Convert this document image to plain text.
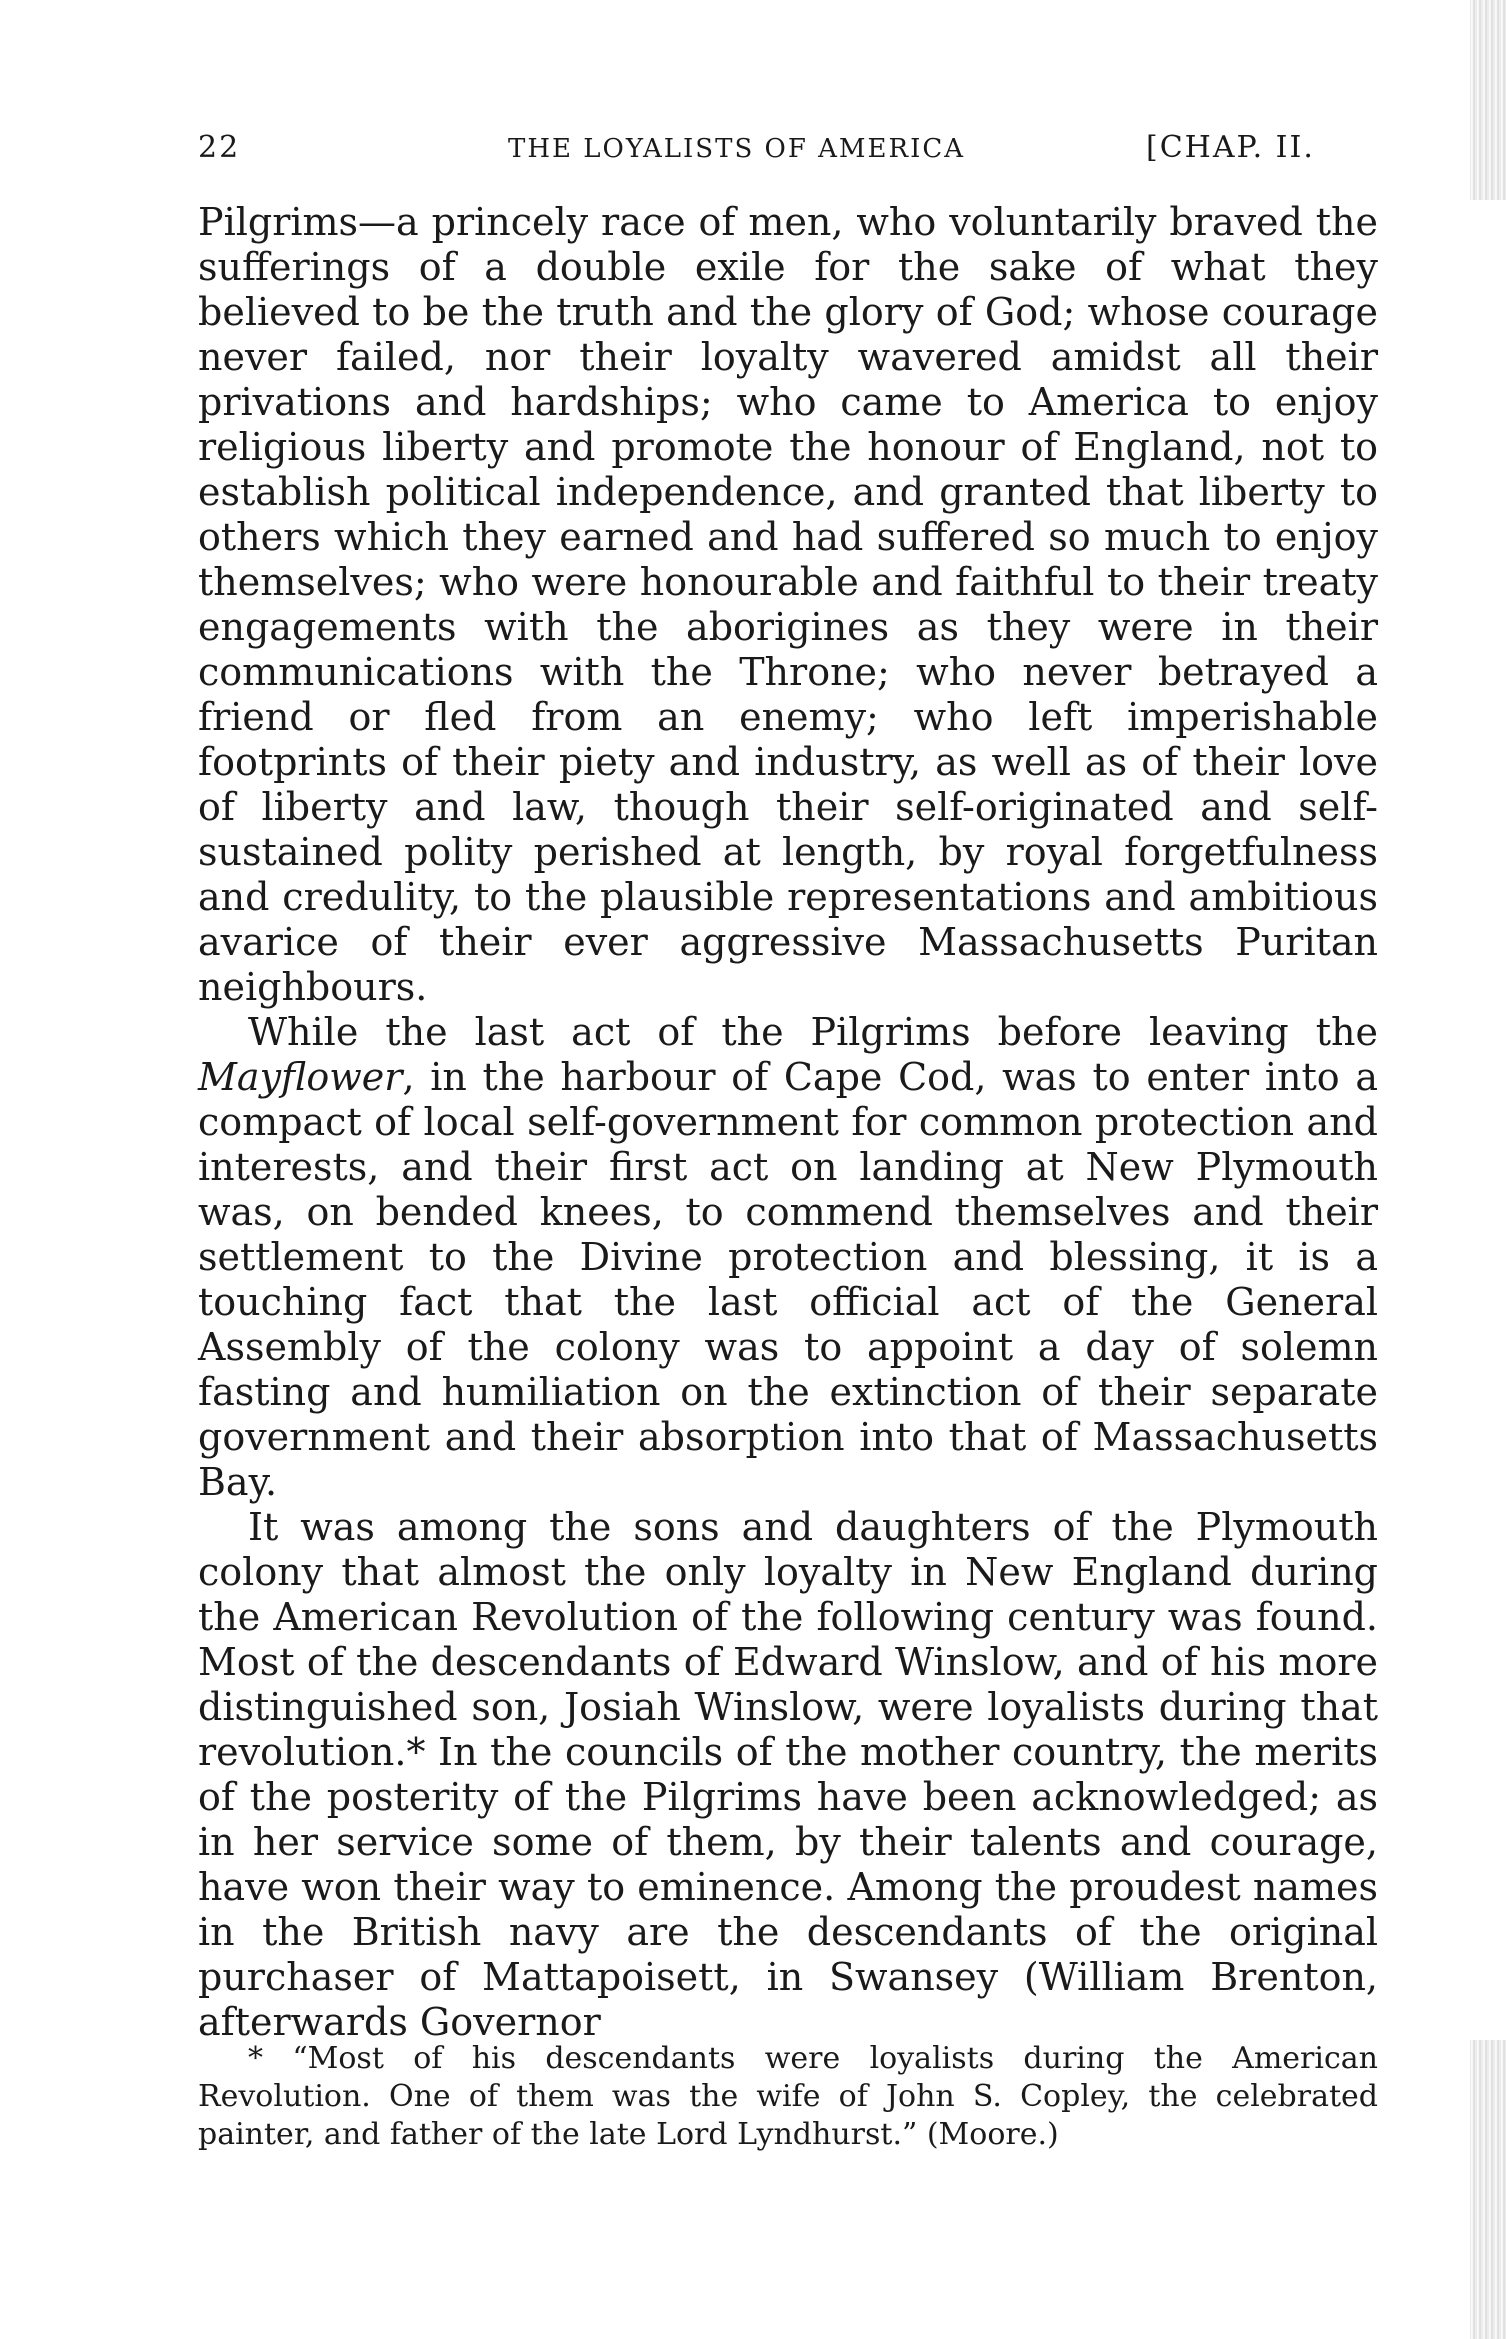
22	THE LOYALISTS OF AMERICA	[CHAP. II.

Pilgrims—a princely race of men, who voluntarily braved the sufferings of a double exile for the sake of what they believed to be the truth and the glory of God; whose courage never failed, nor their loyalty wavered amidst all their privations and hardships; who came to America to enjoy religious liberty and promote the honour of England, not to establish political independence, and granted that liberty to others which they earned and had suffered so much to enjoy themselves; who were honourable and faithful to their treaty engagements with the aborigines as they were in their communications with the Throne; who never betrayed a friend or fled from an enemy; who left imperishable footprints of their piety and industry, as well as of their love of liberty and law, though their self-originated and self-sustained polity perished at length, by royal forgetfulness and credulity, to the plausible representations and ambitious avarice of their ever aggressive Massachusetts Puritan neighbours.

While the last act of the Pilgrims before leaving the Mayflower, in the harbour of Cape Cod, was to enter into a compact of local self-government for common protection and interests, and their first act on landing at New Plymouth was, on bended knees, to commend themselves and their settlement to the Divine protection and blessing, it is a touching fact that the last official act of the General Assembly of the colony was to appoint a day of solemn fasting and humiliation on the extinction of their separate government and their absorption into that of Massachusetts Bay.

It was among the sons and daughters of the Plymouth colony that almost the only loyalty in New England during the American Revolution of the following century was found. Most of the descendants of Edward Winslow, and of his more distinguished son, Josiah Winslow, were loyalists during that revolution.* In the councils of the mother country, the merits of the posterity of the Pilgrims have been acknowledged; as in her service some of them, by their talents and courage, have won their way to eminence. Among the proudest names in the British navy are the descendants of the original purchaser of Mattapoisett, in Swansey (William Brenton, afterwards Governor

* “Most of his descendants were loyalists during the American Revolution. One of them was the wife of John S. Copley, the celebrated painter, and father of the late Lord Lyndhurst.” (Moore.)
